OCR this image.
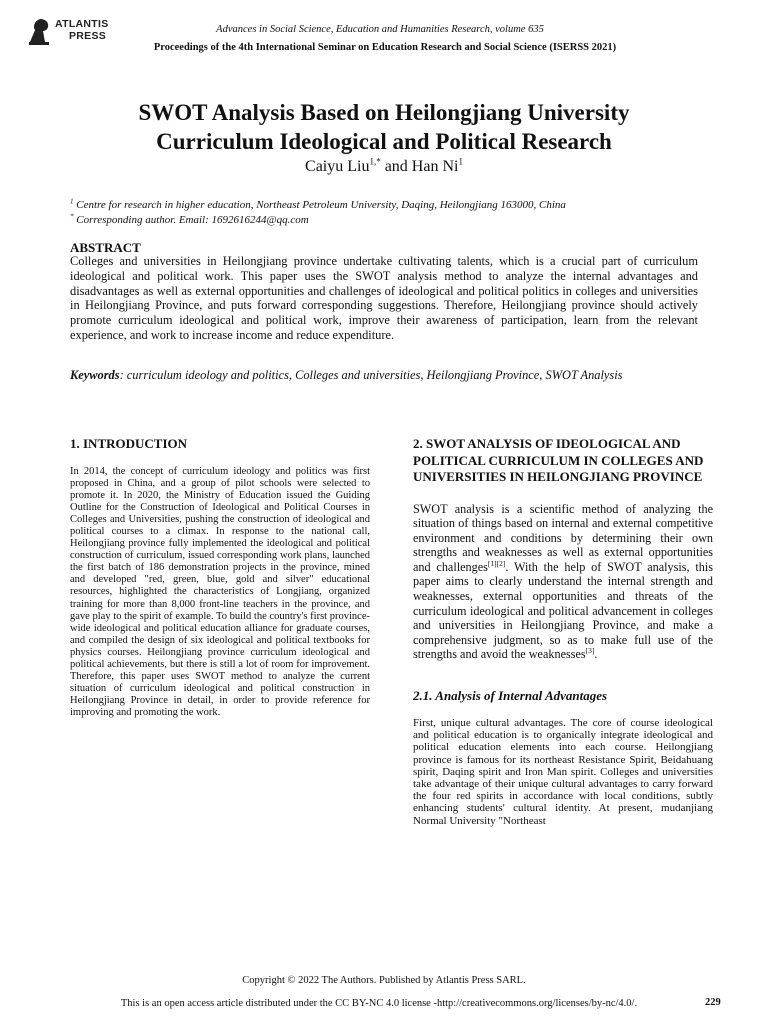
ATLANTIS
PRESS
Advances in Social Science, Education and Humanities Research, volume 635
Proceedings of the 4th International Seminar on Education Research and Social Science (ISERSS 2021)
SWOT Analysis Based on Heilongjiang University
Curriculum Ideological and Political Research
Caiyu Liu$^{1,*}$ and Han Ni$^1$
$^1$ Centre for research in higher education, Northeast Petroleum University, Daqing, Heilongjiang 163000, China
* Corresponding author. Email: 1692616244@qq.com
ABSTRACT
Colleges and universities in Heilongjiang province undertake cultivating talents, which is a crucial part of curriculum ideological and political work. This paper uses the SWOT analysis method to analyze the internal advantages and disadvantages as well as external opportunities and challenges of ideological and political politics in colleges and universities in Heilongjiang Province, and puts forward corresponding suggestions. Therefore, Heilongjiang province should actively promote curriculum ideological and political work, improve their awareness of participation, learn from the relevant experience, and work to increase income and reduce expenditure.
Keywords: curriculum ideology and politics, Colleges and universities, Heilongjiang Province, SWOT Analysis
1. INTRODUCTION
In 2014, the concept of curriculum ideology and politics was first proposed in China, and a group of pilot schools were selected to promote it. In 2020, the Ministry of Education issued the Guiding Outline for the Construction of Ideological and Political Courses in Colleges and Universities, pushing the construction of ideological and political courses to a climax. In response to the national call, Heilongjiang province fully implemented the ideological and political construction of curriculum, issued corresponding work plans, launched the first batch of 186 demonstration projects in the province, mined and developed "red, green, blue, gold and silver" educational resources, highlighted the characteristics of Longjiang, organized training for more than 8,000 front-line teachers in the province, and gave play to the spirit of example. To build the country's first province-wide ideological and political education alliance for graduate courses, and compiled the design of six ideological and political textbooks for physics courses. Heilongjiang province curriculum ideological and political achievements, but there is still a lot of room for improvement. Therefore, this paper uses SWOT method to analyze the current situation of curriculum ideological and political construction in Heilongjiang Province in detail, in order to provide reference for improving and promoting the work.
2. SWOT ANALYSIS OF IDEOLOGICAL AND POLITICAL CURRICULUM IN COLLEGES AND UNIVERSITIES IN HEILONGJIANG PROVINCE
SWOT analysis is a scientific method of analyzing the situation of things based on internal and external competitive environment and conditions by determining their own strengths and weaknesses as well as external opportunities and challenges[1][2]. With the help of SWOT analysis, this paper aims to clearly understand the internal strength and weaknesses, external opportunities and threats of the curriculum ideological and political advancement in colleges and universities in Heilongjiang Province, and make a comprehensive judgment, so as to make full use of the strengths and avoid the weaknesses[3].
2.1. Analysis of Internal Advantages
First, unique cultural advantages. The core of course ideological and political education is to organically integrate ideological and political education elements into each course. Heilongjiang province is famous for its northeast Resistance Spirit, Beidahuang spirit, Daqing spirit and Iron Man spirit. Colleges and universities take advantage of their unique cultural advantages to carry forward the four red spirits in accordance with local conditions, subtly enhancing students' cultural identity. At present, mudanjiang Normal University "Northeast
Copyright © 2022 The Authors. Published by Atlantis Press SARL.
This is an open access article distributed under the CC BY-NC 4.0 license -http://creativecommons.org/licenses/by-nc/4.0/.	229
